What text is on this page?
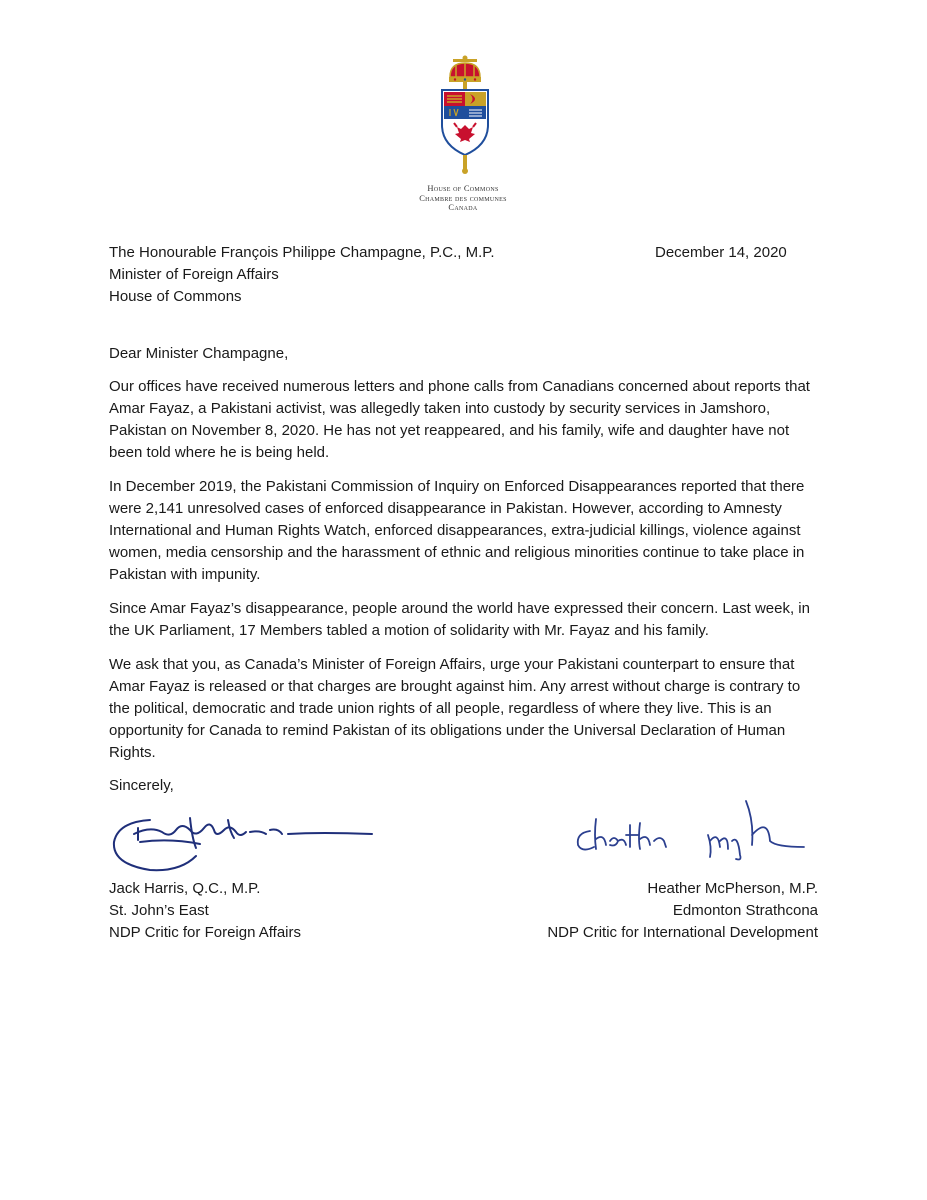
House of Commons
Chambre des communes
Canada
The Honourable François Philippe Champagne, P.C., M.P.
Minister of Foreign Affairs
House of Commons
December 14, 2020
Dear Minister Champagne,

Our offices have received numerous letters and phone calls from Canadians concerned about reports that Amar Fayaz, a Pakistani activist, was allegedly taken into custody by security services in Jamshoro, Pakistan on November 8, 2020. He has not yet reappeared, and his family, wife and daughter have not been told where he is being held.

In December 2019, the Pakistani Commission of Inquiry on Enforced Disappearances reported that there were 2,141 unresolved cases of enforced disappearance in Pakistan. However, according to Amnesty International and Human Rights Watch, enforced disappearances, extra-judicial killings, violence against women, media censorship and the harassment of ethnic and religious minorities continue to take place in Pakistan with impunity.

Since Amar Fayaz’s disappearance, people around the world have expressed their concern. Last week, in the UK Parliament, 17 Members tabled a motion of solidarity with Mr. Fayaz and his family.

We ask that you, as Canada’s Minister of Foreign Affairs, urge your Pakistani counterpart to ensure that Amar Fayaz is released or that charges are brought against him. Any arrest without charge is contrary to the political, democratic and trade union rights of all people, regardless of where they live. This is an opportunity for Canada to remind Pakistan of its obligations under the Universal Declaration of Human Rights.

Sincerely,
Jack Harris, Q.C., M.P.
St. John’s East
NDP Critic for Foreign Affairs
Heather McPherson, M.P.
Edmonton Strathcona
NDP Critic for International Development
